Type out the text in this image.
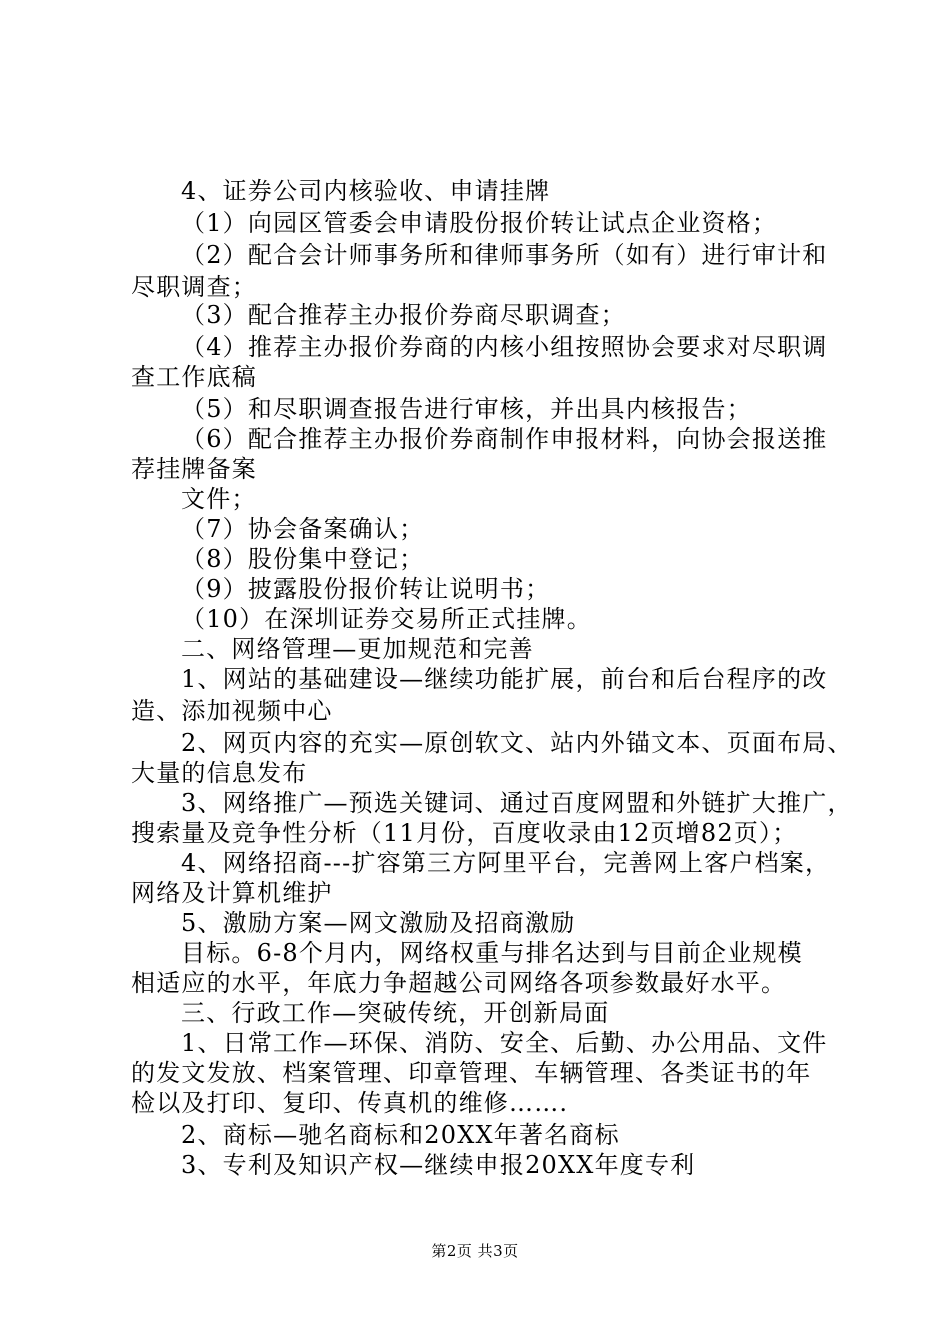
4、证券公司内核验收、申请挂牌
（1）向园区管委会申请股份报价转让试点企业资格；
（2）配合会计师事务所和律师事务所（如有）进行审计和
尽职调查；
（3）配合推荐主办报价券商尽职调查；
（4）推荐主办报价券商的内核小组按照协会要求对尽职调
查工作底稿
（5）和尽职调查报告进行审核，并出具内核报告；
（6）配合推荐主办报价券商制作申报材料，向协会报送推
荐挂牌备案
文件；
（7）协会备案确认；
（8）股份集中登记；
（9）披露股份报价转让说明书；
（10）在深圳证券交易所正式挂牌。
二、网络管理—更加规范和完善
1、网站的基础建设—继续功能扩展，前台和后台程序的改
造、添加视频中心
2、网页内容的充实—原创软文、站内外锚文本、页面布局、
大量的信息发布
3、网络推广—预选关键词、通过百度网盟和外链扩大推广，
搜索量及竞争性分析（11月份，百度收录由12页增82页）；
4、网络招商---扩容第三方阿里平台，完善网上客户档案，
网络及计算机维护
5、激励方案—网文激励及招商激励
目标。6-8个月内，网络权重与排名达到与目前企业规模
相适应的水平，年底力争超越公司网络各项参数最好水平。
三、行政工作—突破传统，开创新局面
1、日常工作—环保、消防、安全、后勤、办公用品、文件
的发文发放、档案管理、印章管理、车辆管理、各类证书的年
检以及打印、复印、传真机的维修…….
2、商标—驰名商标和20XX年著名商标
3、专利及知识产权—继续申报20XX年度专利
第2页 共3页
